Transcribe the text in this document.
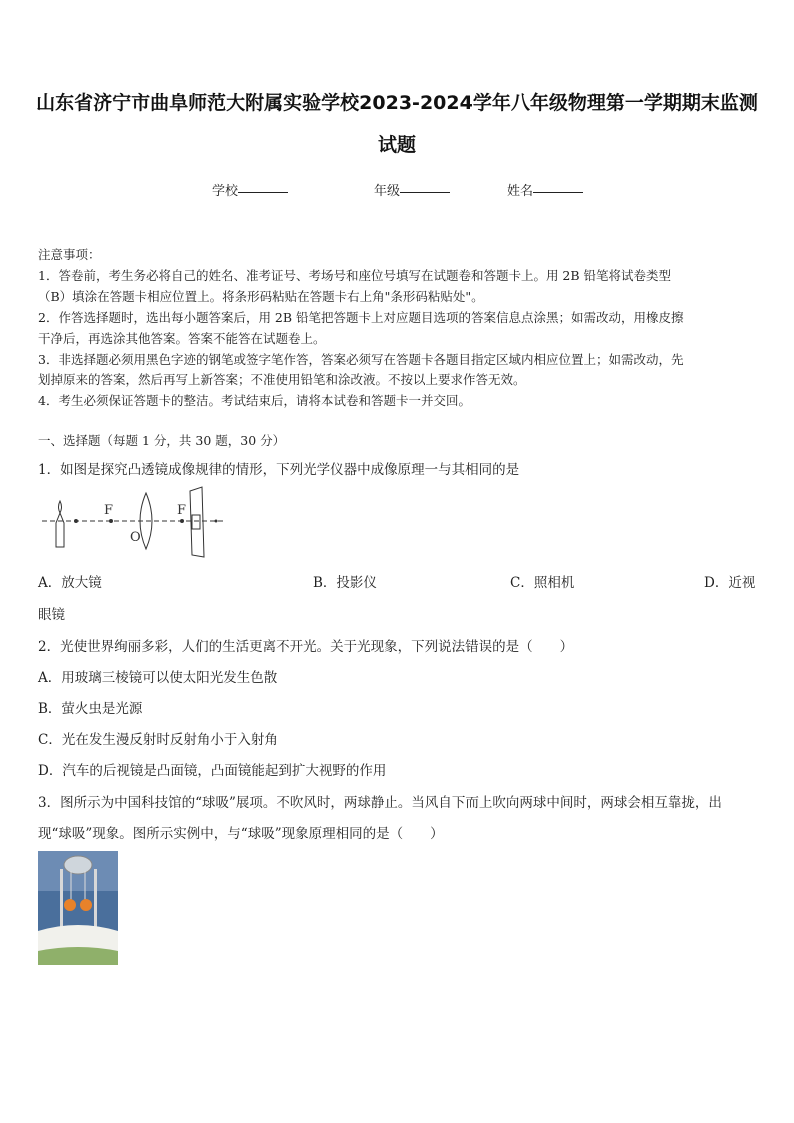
山东省济宁市曲阜师范大附属实验学校2023-2024学年八年级物理第一学期期末监测
试题
学校	年级	姓名
注意事项：
1．答卷前，考生务必将自己的姓名、准考证号、考场号和座位号填写在试题卷和答题卡上。用 2B 铅笔将试卷类型
（B）填涂在答题卡相应位置上。将条形码粘贴在答题卡右上角"条形码粘贴处"。
2．作答选择题时，选出每小题答案后，用 2B 铅笔把答题卡上对应题目选项的答案信息点涂黑；如需改动，用橡皮擦
干净后，再选涂其他答案。答案不能答在试题卷上。
3．非选择题必须用黑色字迹的钢笔或签字笔作答，答案必须写在答题卡各题目指定区域内相应位置上；如需改动，先
划掉原来的答案，然后再写上新答案；不准使用铅笔和涂改液。不按以上要求作答无效。
4．考生必须保证答题卡的整洁。考试结束后，请将本试卷和答题卡一并交回。
一、选择题（每题 1 分，共 30 题，30 分）
1．如图是探究凸透镜成像规律的情形，下列光学仪器中成像原理一与其相同的是
F
O
F
A．放大镜	B．投影仪	C．照相机	D．近视
眼镜
2．光使世界绚丽多彩，人们的生活更离不开光。关于光现象，下列说法错误的是（　　）
A．用玻璃三棱镜可以使太阳光发生色散
B．萤火虫是光源
C．光在发生漫反射时反射角小于入射角
D．汽车的后视镜是凸面镜，凸面镜能起到扩大视野的作用
3．图所示为中国科技馆的“球吸”展项。不吹风时，两球静止。当风自下而上吹向两球中间时，两球会相互靠拢，出
现“球吸”现象。图所示实例中，与“球吸”现象原理相同的是（　　）
